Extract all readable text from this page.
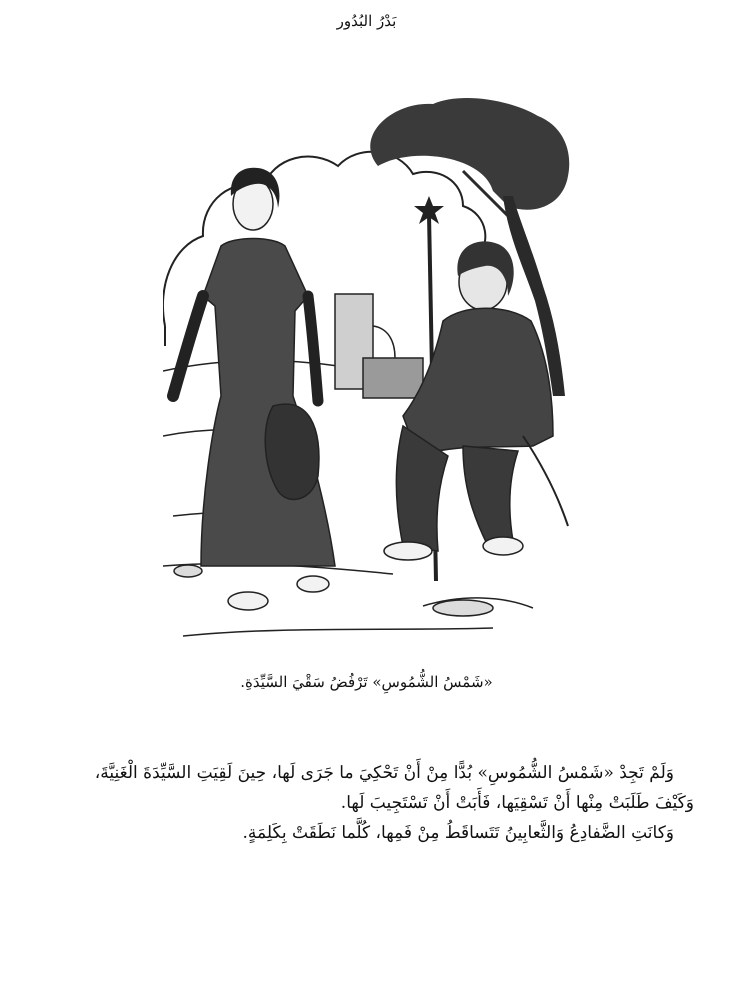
بَدْرُ البُدُور
«شَمْسُ الشُّمُوسِ» تَرْفُضُ سَقْيَ السَّيِّدَةِ.

وَلَمْ تَجِدْ «شَمْسُ الشُّمُوسِ» بُدًّا مِنْ أَنْ تَحْكِيَ ما جَرَى لَها، حِينَ لَقِيَتِ السَّيِّدَةَ الْغَنِيَّةَ،

وَكَيْفَ طَلَبَتْ مِنْها أَنْ تَسْقِيَها، فَأَبَتْ أَنْ تَسْتَجِيبَ لَها.

وَكانَتِ الضَّفادِعُ وَالثَّعابِينُ تَتَساقَطُ مِنْ فَمِها، كُلَّما نَطَقَتْ بِكَلِمَةٍ.
